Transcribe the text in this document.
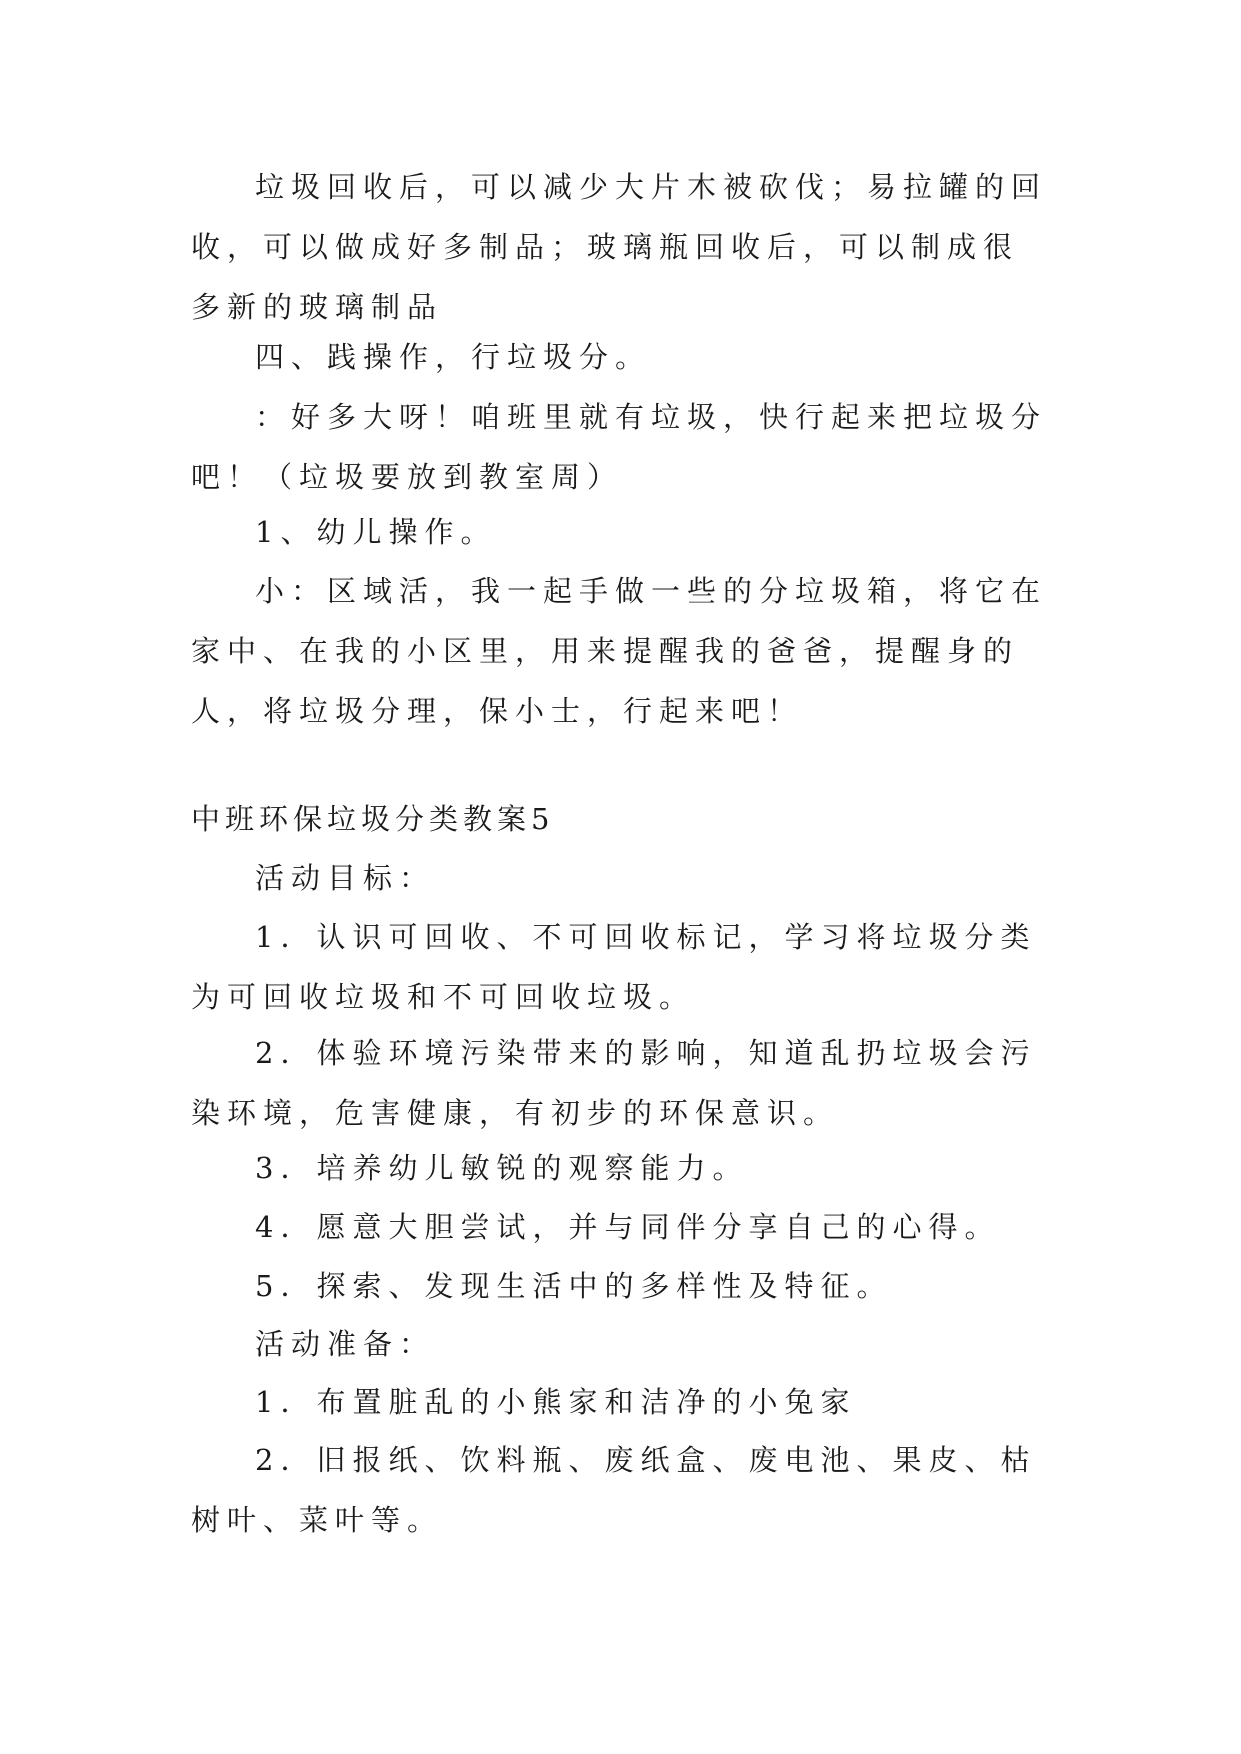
垃圾回收后，可以减少大片木被砍伐；易拉罐的回收，可以做成好多制品；玻璃瓶回收后，可以制成很多新的玻璃制品

四、践操作，行垃圾分。

：好多大呀！咱班里就有垃圾，快行起来把垃圾分吧！（垃圾要放到教室周）

1、幼儿操作。

小：区域活，我一起手做一些的分垃圾箱，将它在家中、在我的小区里，用来提醒我的爸爸，提醒身的人，将垃圾分理，保小士，行起来吧！

中班环保垃圾分类教案5

活动目标：

1．认识可回收、不可回收标记，学习将垃圾分类为可回收垃圾和不可回收垃圾。

2．体验环境污染带来的影响，知道乱扔垃圾会污染环境，危害健康，有初步的环保意识。

3．培养幼儿敏锐的观察能力。

4．愿意大胆尝试，并与同伴分享自己的心得。

5．探索、发现生活中的多样性及特征。

活动准备：

1．布置脏乱的小熊家和洁净的小兔家

2．旧报纸、饮料瓶、废纸盒、废电池、果皮、枯树叶、菜叶等。
